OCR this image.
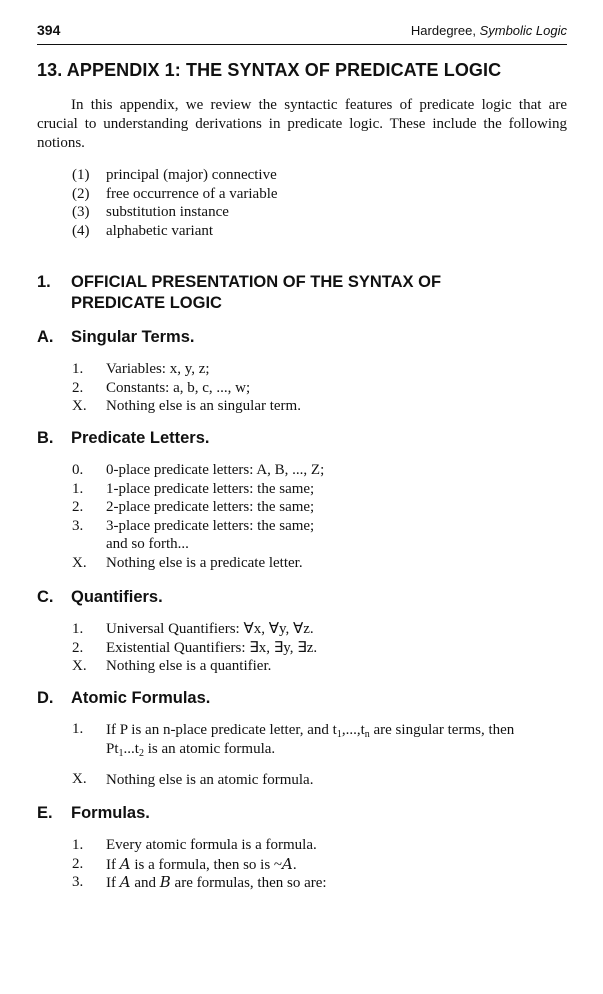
394	Hardegree, Symbolic Logic
13. APPENDIX 1: THE SYNTAX OF PREDICATE LOGIC

In this appendix, we review the syntactic features of predicate logic that are crucial to understanding derivations in predicate logic. These include the following notions.

(1) principal (major) connective
(2) free occurrence of a variable
(3) substitution instance
(4) alphabetic variant
1. OFFICIAL PRESENTATION OF THE SYNTAX OF
PREDICATE LOGIC
A. Singular Terms.
1. Variables: x, y, z;
2. Constants: a, b, c, ..., w;
X. Nothing else is an singular term.
B. Predicate Letters.
0. 0-place predicate letters: A, B, ..., Z;
1. 1-place predicate letters: the same;
2. 2-place predicate letters: the same;
3. 3-place predicate letters: the same;
and so forth...
X. Nothing else is a predicate letter.
C. Quantifiers.
1. Universal Quantifiers: ∀x, ∀y, ∀z.
2. Existential Quantifiers: ∃x, ∃y, ∃z.
X. Nothing else is a quantifier.
D. Atomic Formulas.
1. If P is an n-place predicate letter, and $t_1,...,t_n$ are singular terms, then
$Pt_1...t_2$ is an atomic formula.
X. Nothing else is an atomic formula.
E. Formulas.
1. Every atomic formula is a formula.
2. If A is a formula, then so is ~A.
3. If A and B are formulas, then so are:
